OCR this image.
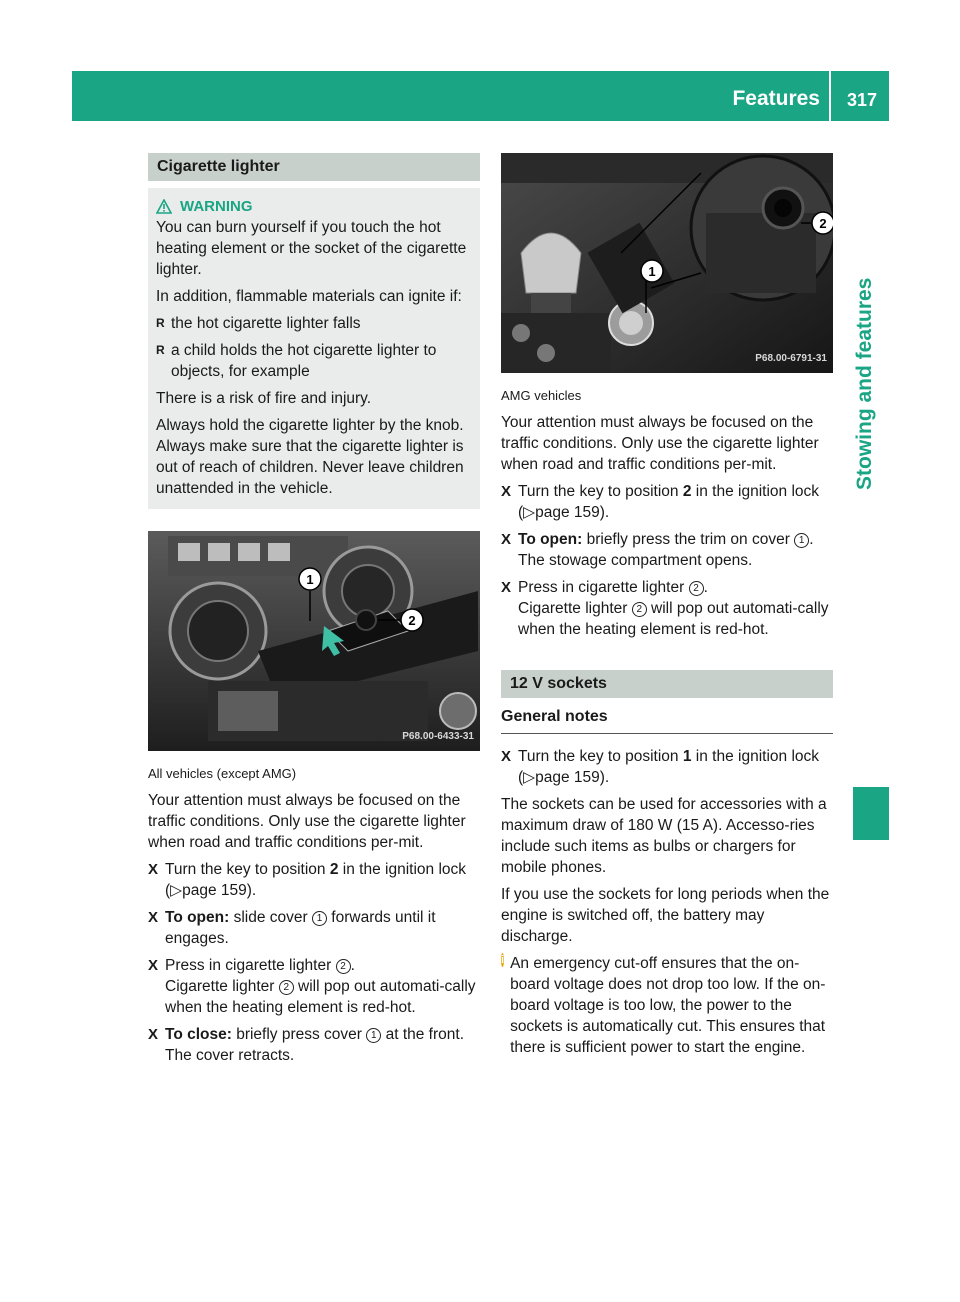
Features 317
Stowing and features
Cigarette lighter
WARNING

You can burn yourself if you touch the hot heating element or the socket of the cigarette lighter.

In addition, flammable materials can ignite if:

R the hot cigarette lighter falls
R a child holds the hot cigarette lighter to objects, for example

There is a risk of fire and injury.

Always hold the cigarette lighter by the knob. Always make sure that the cigarette lighter is out of reach of children. Never leave children unattended in the vehicle.

1
2
P68.00-6433-31
All vehicles (except AMG)

Your attention must always be focused on the traffic conditions. Only use the cigarette lighter when road and traffic conditions per-mit.

X Turn the key to position 2 in the ignition lock (▷page 159).
X To open: slide cover 1 forwards until it engages.
X Press in cigarette lighter 2 .
Cigarette lighter 2 will pop out automati-cally when the heating element is red-hot.
X To close: briefly press cover 1 at the front.
The cover retracts.
1
2
P68.00-6791-31
AMG vehicles

Your attention must always be focused on the traffic conditions. Only use the cigarette lighter when road and traffic conditions per-mit.

X Turn the key to position 2 in the ignition lock (▷page 159).
X To open: briefly press the trim on cover 1 .
The stowage compartment opens.
X Press in cigarette lighter 2 .
Cigarette lighter 2 will pop out automati-cally when the heating element is red-hot.
12 V sockets
General notes
X Turn the key to position 1 in the ignition lock (▷page 159).

The sockets can be used for accessories with a maximum draw of 180 W (15 A). Accesso-ries include such items as bulbs or chargers for mobile phones.

If you use the sockets for long periods when the engine is switched off, the battery may discharge.

i An emergency cut-off ensures that the on-board voltage does not drop too low. If the on-board voltage is too low, the power to the sockets is automatically cut. This ensures that there is sufficient power to start the engine.
